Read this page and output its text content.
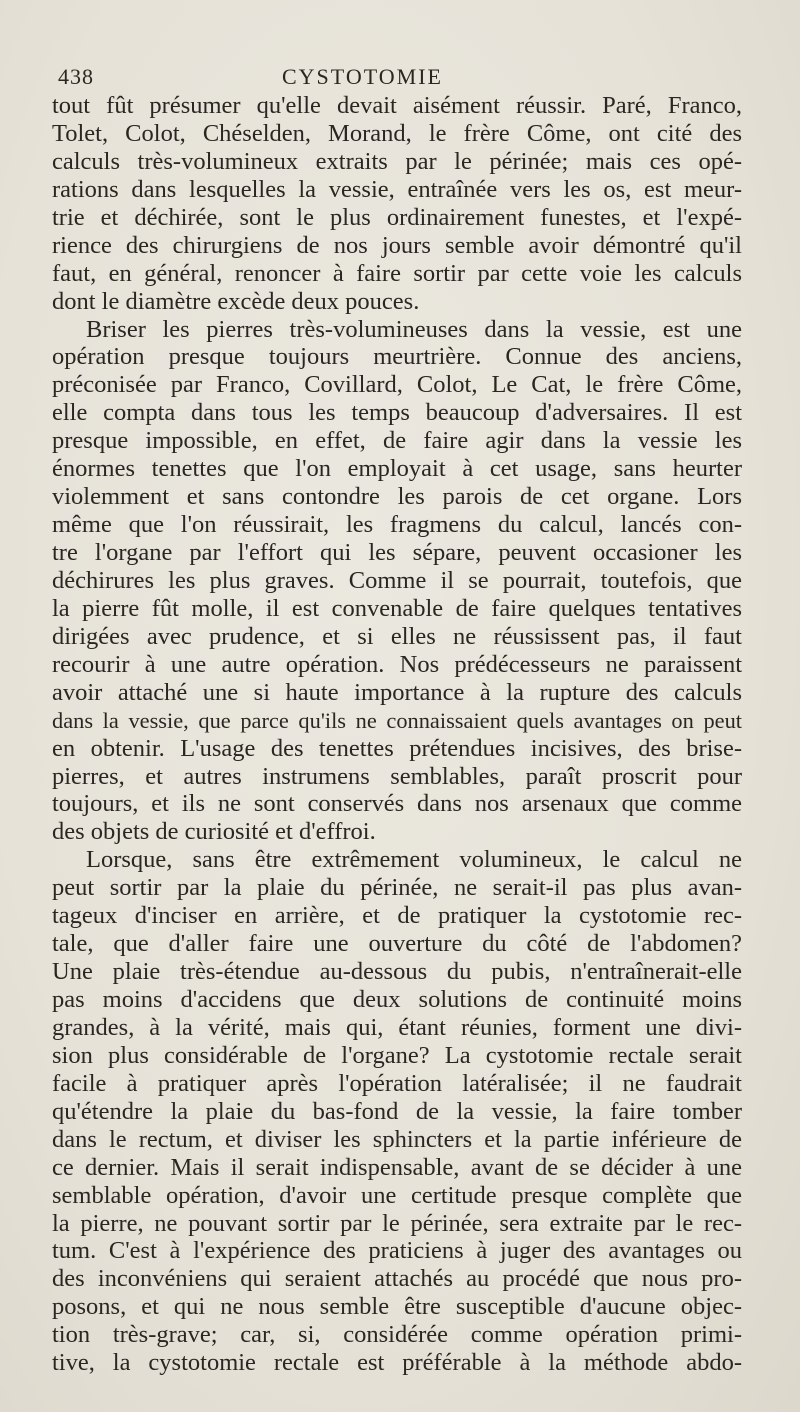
438	CYSTOTOMIE
tout fût présumer qu'elle devait aisément réussir. Paré, Franco,
Tolet, Colot, Chéselden, Morand, le frère Côme, ont cité des
calculs très-volumineux extraits par le périnée; mais ces opé-
rations dans lesquelles la vessie, entraînée vers les os, est meur-
trie et déchirée, sont le plus ordinairement funestes, et l'expé-
rience des chirurgiens de nos jours semble avoir démontré qu'il
faut, en général, renoncer à faire sortir par cette voie les calculs
dont le diamètre excède deux pouces.
Briser les pierres très-volumineuses dans la vessie, est une
opération presque toujours meurtrière. Connue des anciens,
préconisée par Franco, Covillard, Colot, Le Cat, le frère Côme,
elle compta dans tous les temps beaucoup d'adversaires. Il est
presque impossible, en effet, de faire agir dans la vessie les
énormes tenettes que l'on employait à cet usage, sans heurter
violemment et sans contondre les parois de cet organe. Lors
même que l'on réussirait, les fragmens du calcul, lancés con-
tre l'organe par l'effort qui les sépare, peuvent occasioner les
déchirures les plus graves. Comme il se pourrait, toutefois, que
la pierre fût molle, il est convenable de faire quelques tentatives
dirigées avec prudence, et si elles ne réussissent pas, il faut
recourir à une autre opération. Nos prédécesseurs ne paraissent
avoir attaché une si haute importance à la rupture des calculs
dans la vessie, que parce qu'ils ne connaissaient quels avantages on peut
en obtenir. L'usage des tenettes prétendues incisives, des brise-
pierres, et autres instrumens semblables, paraît proscrit pour
toujours, et ils ne sont conservés dans nos arsenaux que comme
des objets de curiosité et d'effroi.
Lorsque, sans être extrêmement volumineux, le calcul ne
peut sortir par la plaie du périnée, ne serait-il pas plus avan-
tageux d'inciser en arrière, et de pratiquer la cystotomie rec-
tale, que d'aller faire une ouverture du côté de l'abdomen?
Une plaie très-étendue au-dessous du pubis, n'entraînerait-elle
pas moins d'accidens que deux solutions de continuité moins
grandes, à la vérité, mais qui, étant réunies, forment une divi-
sion plus considérable de l'organe? La cystotomie rectale serait
facile à pratiquer après l'opération latéralisée; il ne faudrait
qu'étendre la plaie du bas-fond de la vessie, la faire tomber
dans le rectum, et diviser les sphincters et la partie inférieure de
ce dernier. Mais il serait indispensable, avant de se décider à une
semblable opération, d'avoir une certitude presque complète que
la pierre, ne pouvant sortir par le périnée, sera extraite par le rec-
tum. C'est à l'expérience des praticiens à juger des avantages ou
des inconvéniens qui seraient attachés au procédé que nous pro-
posons, et qui ne nous semble être susceptible d'aucune objec-
tion très-grave; car, si, considérée comme opération primi-
tive, la cystotomie rectale est préférable à la méthode abdo-
